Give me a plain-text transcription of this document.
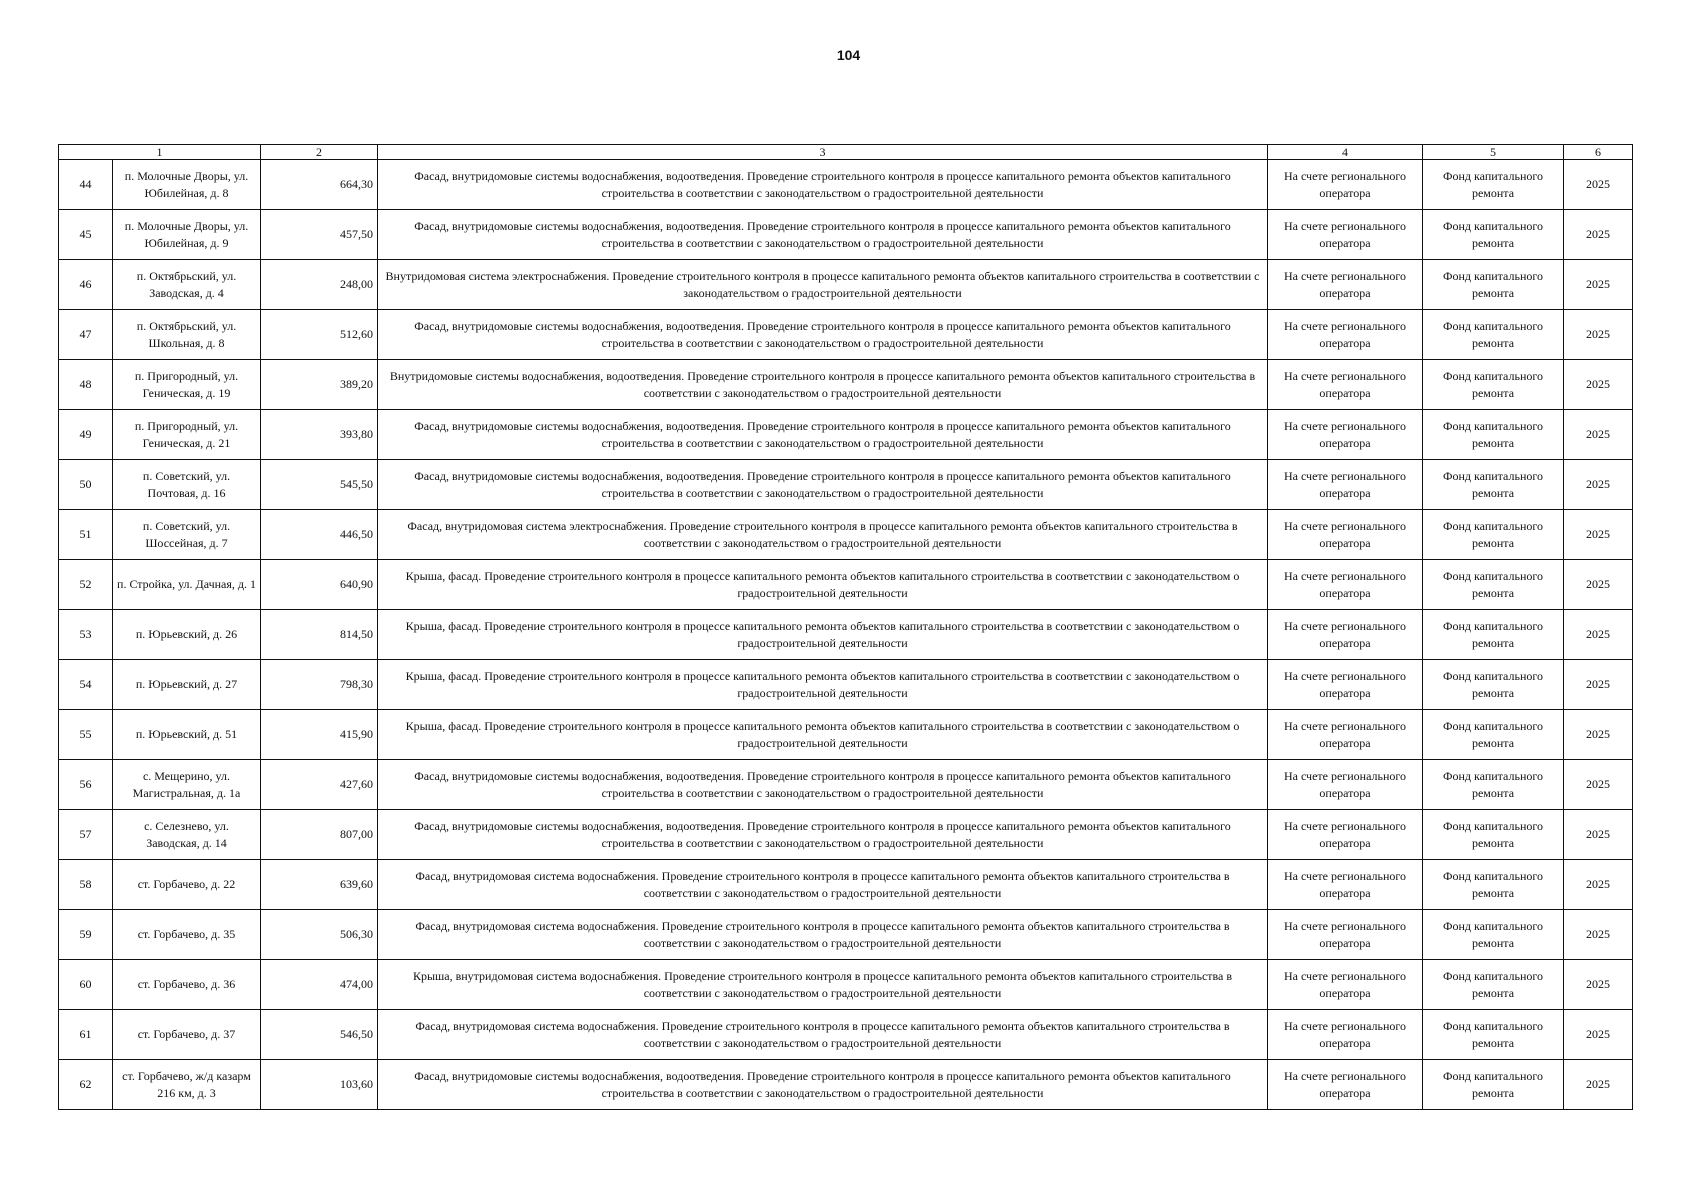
104
1		2	3	4	5	6
44	п. Молочные Дворы, ул. Юбилейная, д. 8	664,30	Фасад, внутридомовые системы водоснабжения, водоотведения. Проведение строительного контроля в процессе капитального ремонта объектов капитального строительства в соответствии с законодательством о градостроительной деятельности	На счете регионального оператора	Фонд капитального ремонта	2025
45	п. Молочные Дворы, ул. Юбилейная, д. 9	457,50	Фасад, внутридомовые системы водоснабжения, водоотведения. Проведение строительного контроля в процессе капитального ремонта объектов капитального строительства в соответствии с законодательством о градостроительной деятельности	На счете регионального оператора	Фонд капитального ремонта	2025
46	п. Октябрьский, ул. Заводская, д. 4	248,00	Внутридомовая система электроснабжения. Проведение строительного контроля в процессе капитального ремонта объектов капитального строительства в соответствии с законодательством о градостроительной деятельности	На счете регионального оператора	Фонд капитального ремонта	2025
47	п. Октябрьский, ул. Школьная, д. 8	512,60	Фасад, внутридомовые системы водоснабжения, водоотведения. Проведение строительного контроля в процессе капитального ремонта объектов капитального строительства в соответствии с законодательством о градостроительной деятельности	На счете регионального оператора	Фонд капитального ремонта	2025
48	п. Пригородный, ул. Геническая, д. 19	389,20	Внутридомовые системы водоснабжения, водоотведения. Проведение строительного контроля в процессе капитального ремонта объектов капитального строительства в соответствии с законодательством о градостроительной деятельности	На счете регионального оператора	Фонд капитального ремонта	2025
49	п. Пригородный, ул. Геническая, д. 21	393,80	Фасад, внутридомовые системы водоснабжения, водоотведения. Проведение строительного контроля в процессе капитального ремонта объектов капитального строительства в соответствии с законодательством о градостроительной деятельности	На счете регионального оператора	Фонд капитального ремонта	2025
50	п. Советский, ул. Почтовая, д. 16	545,50	Фасад, внутридомовые системы водоснабжения, водоотведения. Проведение строительного контроля в процессе капитального ремонта объектов капитального строительства в соответствии с законодательством о градостроительной деятельности	На счете регионального оператора	Фонд капитального ремонта	2025
51	п. Советский, ул. Шоссейная, д. 7	446,50	Фасад, внутридомовая система электроснабжения. Проведение строительного контроля в процессе капитального ремонта объектов капитального строительства в соответствии с законодательством о градостроительной деятельности	На счете регионального оператора	Фонд капитального ремонта	2025
52	п. Стройка, ул. Дачная, д. 1	640,90	Крыша, фасад. Проведение строительного контроля в процессе капитального ремонта объектов капитального строительства в соответствии с законодательством о градостроительной деятельности	На счете регионального оператора	Фонд капитального ремонта	2025
53	п. Юрьевский, д. 26	814,50	Крыша, фасад. Проведение строительного контроля в процессе капитального ремонта объектов капитального строительства в соответствии с законодательством о градостроительной деятельности	На счете регионального оператора	Фонд капитального ремонта	2025
54	п. Юрьевский, д. 27	798,30	Крыша, фасад. Проведение строительного контроля в процессе капитального ремонта объектов капитального строительства в соответствии с законодательством о градостроительной деятельности	На счете регионального оператора	Фонд капитального ремонта	2025
55	п. Юрьевский, д. 51	415,90	Крыша, фасад. Проведение строительного контроля в процессе капитального ремонта объектов капитального строительства в соответствии с законодательством о градостроительной деятельности	На счете регионального оператора	Фонд капитального ремонта	2025
56	с. Мещерино, ул. Магистральная, д. 1а	427,60	Фасад, внутридомовые системы водоснабжения, водоотведения. Проведение строительного контроля в процессе капитального ремонта объектов капитального строительства в соответствии с законодательством о градостроительной деятельности	На счете регионального оператора	Фонд капитального ремонта	2025
57	с. Селезнево, ул. Заводская, д. 14	807,00	Фасад, внутридомовые системы водоснабжения, водоотведения. Проведение строительного контроля в процессе капитального ремонта объектов капитального строительства в соответствии с законодательством о градостроительной деятельности	На счете регионального оператора	Фонд капитального ремонта	2025
58	ст. Горбачево, д. 22	639,60	Фасад, внутридомовая система водоснабжения. Проведение строительного контроля в процессе капитального ремонта объектов капитального строительства в соответствии с законодательством о градостроительной деятельности	На счете регионального оператора	Фонд капитального ремонта	2025
59	ст. Горбачево, д. 35	506,30	Фасад, внутридомовая система водоснабжения. Проведение строительного контроля в процессе капитального ремонта объектов капитального строительства в соответствии с законодательством о градостроительной деятельности	На счете регионального оператора	Фонд капитального ремонта	2025
60	ст. Горбачево, д. 36	474,00	Крыша, внутридомовая система водоснабжения. Проведение строительного контроля в процессе капитального ремонта объектов капитального строительства в соответствии с законодательством о градостроительной деятельности	На счете регионального оператора	Фонд капитального ремонта	2025
61	ст. Горбачево, д. 37	546,50	Фасад, внутридомовая система водоснабжения. Проведение строительного контроля в процессе капитального ремонта объектов капитального строительства в соответствии с законодательством о градостроительной деятельности	На счете регионального оператора	Фонд капитального ремонта	2025
62	ст. Горбачево, ж/д казарм 216 км, д. 3	103,60	Фасад, внутридомовые системы водоснабжения, водоотведения. Проведение строительного контроля в процессе капитального ремонта объектов капитального строительства в соответствии с законодательством о градостроительной деятельности	На счете регионального оператора	Фонд капитального ремонта	2025
